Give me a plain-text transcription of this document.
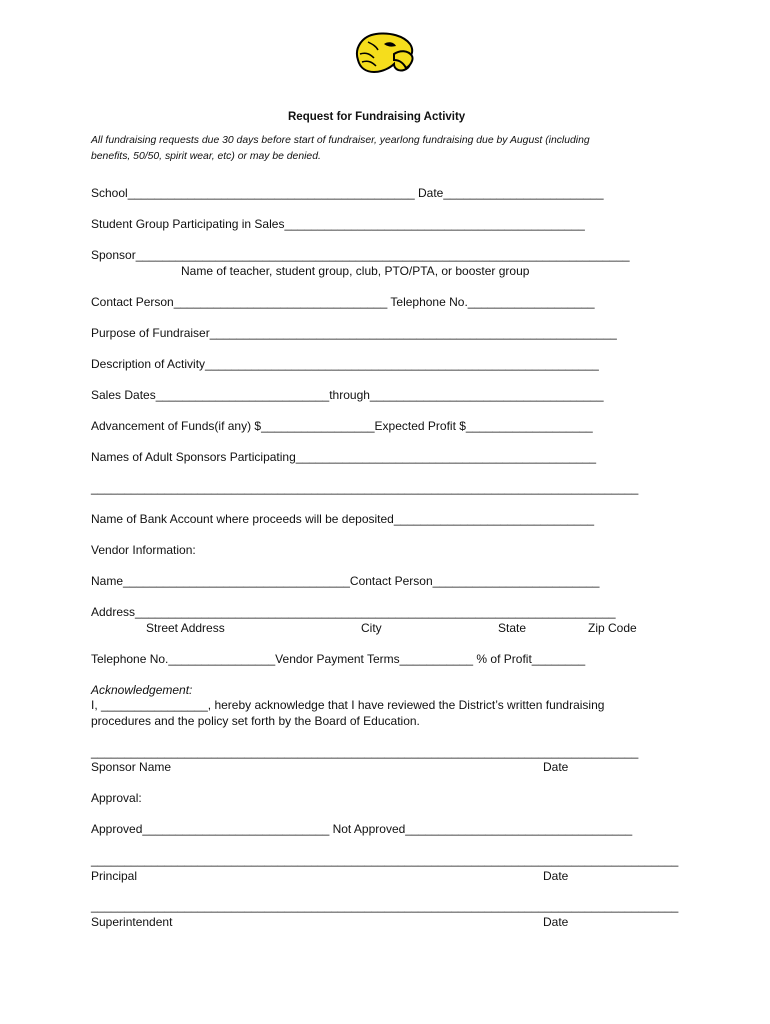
Request for Fundraising Activity
All fundraising requests due 30 days before start of fundraiser, yearlong fundraising due by August (including
benefits, 50/50, spirit wear, etc) or may be denied.
School___________________________________________ Date________________________
Student Group Participating in Sales_____________________________________________
Sponsor__________________________________________________________________________
Name of teacher, student group, club, PTO/PTA, or booster group
Contact Person________________________________ Telephone No.___________________
Purpose of Fundraiser_____________________________________________________________
Description of Activity___________________________________________________________
Sales Dates__________________________through___________________________________
Advancement of Funds(if any) $_________________Expected Profit $___________________
Names of Adult Sponsors Participating_____________________________________________
__________________________________________________________________________________
Name of Bank Account where proceeds will be deposited______________________________
Vendor Information:
Name__________________________________Contact Person_________________________
Address________________________________________________________________________
Street Address	City	State	Zip Code
Telephone No.________________Vendor Payment Terms___________ % of Profit________
Acknowledgement:
I, ________________, hereby acknowledge that I have reviewed the District’s written fundraising
procedures and the policy set forth by the Board of Education.
__________________________________________________________________________________
Sponsor Name	Date
Approval:
Approved____________________________ Not Approved__________________________________
________________________________________________________________________________________
Principal	Date
________________________________________________________________________________________
Superintendent	Date
